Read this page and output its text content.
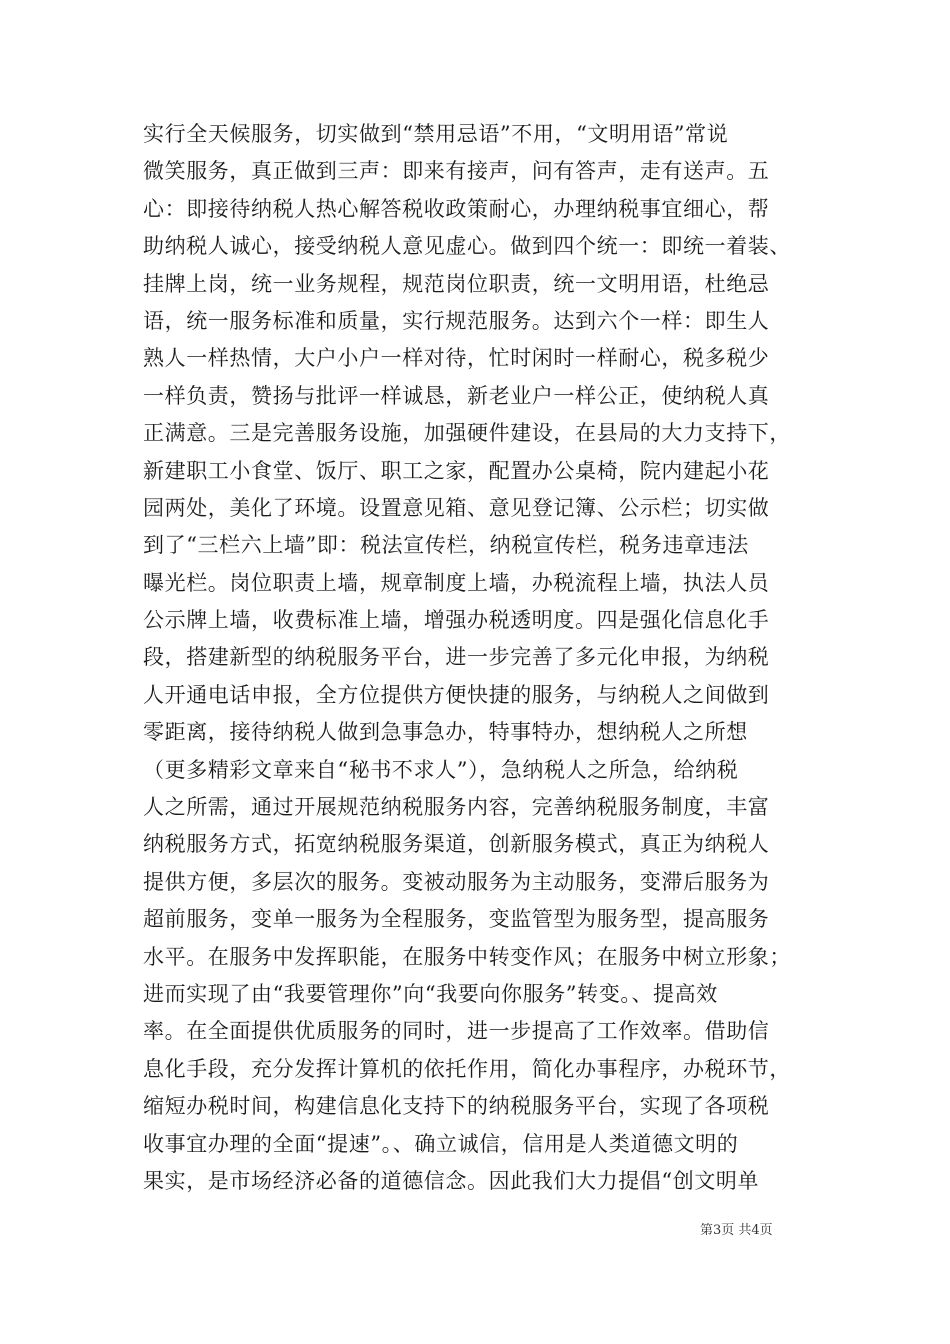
实行全天候服务，切实做到“禁用忌语”不用，“文明用语”常说
微笑服务，真正做到三声：即来有接声，问有答声，走有送声。五
心：即接待纳税人热心解答税收政策耐心，办理纳税事宜细心，帮
助纳税人诚心，接受纳税人意见虚心。做到四个统一：即统一着装、
挂牌上岗，统一业务规程，规范岗位职责，统一文明用语，杜绝忌
语，统一服务标准和质量，实行规范服务。达到六个一样：即生人
熟人一样热情，大户小户一样对待，忙时闲时一样耐心，税多税少
一样负责，赞扬与批评一样诚恳，新老业户一样公正，使纳税人真
正满意。三是完善服务设施，加强硬件建设，在县局的大力支持下，
新建职工小食堂、饭厅、职工之家，配置办公桌椅，院内建起小花
园两处，美化了环境。设置意见箱、意见登记簿、公示栏；切实做
到了“三栏六上墙”即：税法宣传栏，纳税宣传栏，税务违章违法
曝光栏。岗位职责上墙，规章制度上墙，办税流程上墙，执法人员
公示牌上墙，收费标准上墙，增强办税透明度。四是强化信息化手
段，搭建新型的纳税服务平台，进一步完善了多元化申报，为纳税
人开通电话申报，全方位提供方便快捷的服务，与纳税人之间做到
零距离，接待纳税人做到急事急办，特事特办，想纳税人之所想
（更多精彩文章来自“秘书不求人”），急纳税人之所急，给纳税
人之所需，通过开展规范纳税服务内容，完善纳税服务制度，丰富
纳税服务方式，拓宽纳税服务渠道，创新服务模式，真正为纳税人
提供方便，多层次的服务。变被动服务为主动服务，变滞后服务为
超前服务，变单一服务为全程服务，变监管型为服务型，提高服务
水平。在服务中发挥职能，在服务中转变作风；在服务中树立形象；
进而实现了由“我要管理你”向“我要向你服务”转变。、提高效
率。在全面提供优质服务的同时，进一步提高了工作效率。借助信
息化手段，充分发挥计算机的依托作用，简化办事程序，办税环节，
缩短办税时间，构建信息化支持下的纳税服务平台，实现了各项税
收事宜办理的全面“提速”。、确立诚信，信用是人类道德文明的
果实，是市场经济必备的道德信念。因此我们大力提倡“创文明单
第3页 共4页
